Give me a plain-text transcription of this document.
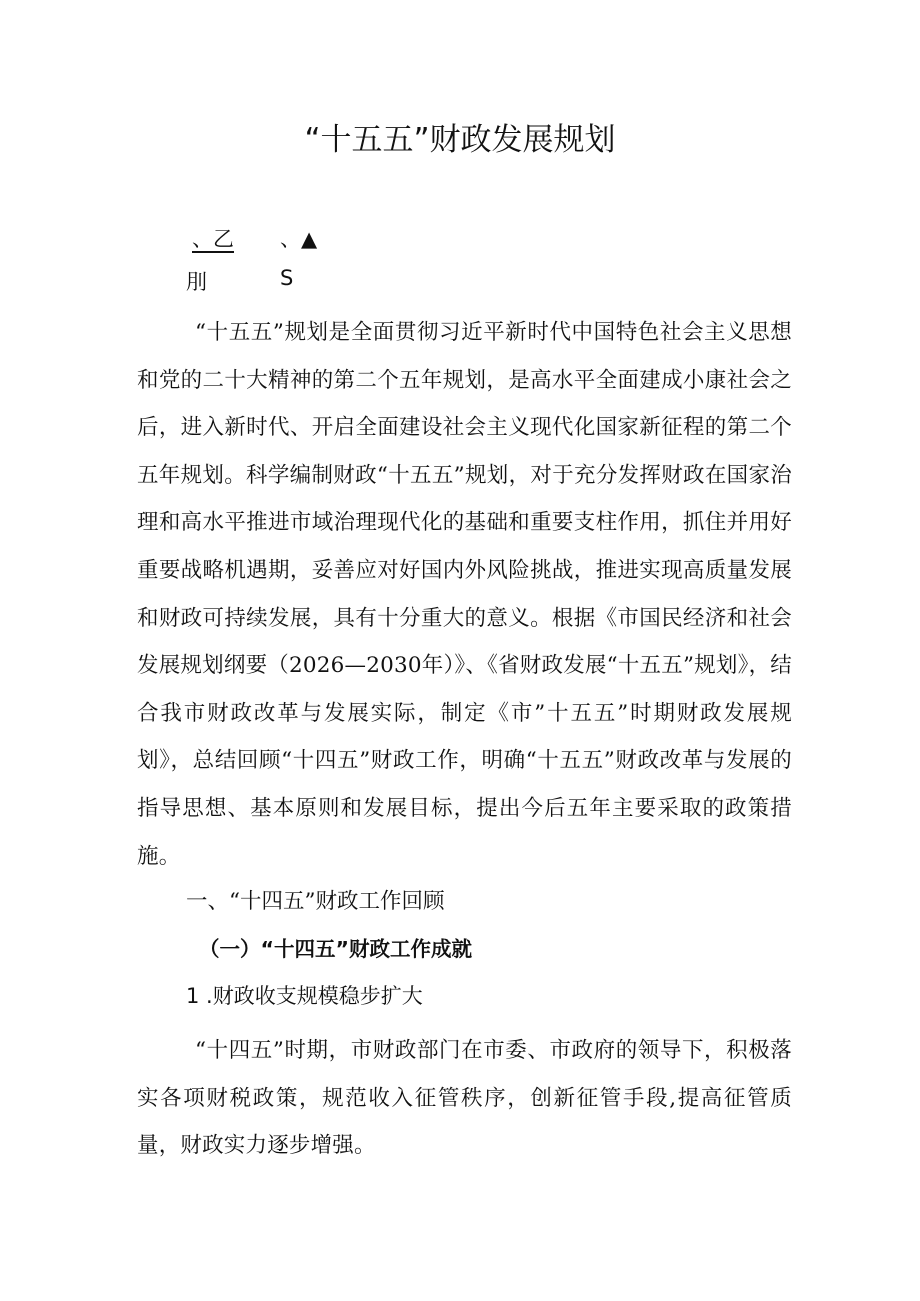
“十五五”财政发展规划
、乙 、▲
刖	S

“十五五”规划是全面贯彻习近平新时代中国特色社会主义思想和党的二十大精神的第二个五年规划，是高水平全面建成小康社会之后，进入新时代、开启全面建设社会主义现代化国家新征程的第二个五年规划。科学编制财政“十五五”规划，对于充分发挥财政在国家治理和高水平推进市域治理现代化的基础和重要支柱作用，抓住并用好重要战略机遇期，妥善应对好国内外风险挑战，推进实现高质量发展和财政可持续发展，具有十分重大的意义。根据《市国民经济和社会发展规划纲要（2026—2030年）》、《省财政发展“十五五”规划》，结合我市财政改革与发展实际，制定《市”十五五”时期财政发展规划》，总结回顾“十四五”财政工作，明确“十五五”财政改革与发展的指导思想、基本原则和发展目标，提出今后五年主要采取的政策措施。

一、“十四五”财政工作回顾
（一）“十四五”财政工作成就
1 .财政收支规模稳步扩大

“十四五”时期，市财政部门在市委、市政府的领导下，积极落实各项财税政策，规范收入征管秩序，创新征管手段,提高征管质量，财政实力逐步增强。
